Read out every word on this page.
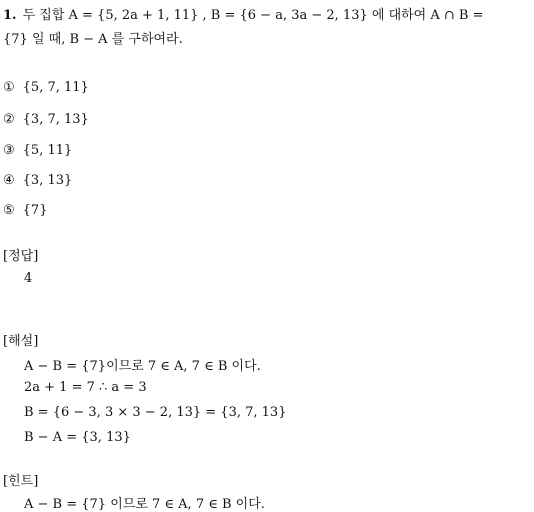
1. 두 집합 A = {5, 2a + 1, 11} , B = {6 − a, 3a − 2, 13} 에 대하여 A ∩ B =
{7} 일 때, B − A 를 구하여라.
① {5, 7, 11}
② {3, 7, 13}
③ {5, 11}
④ {3, 13}
⑤ {7}
[정답]
4
[해설]
A − B = {7}이므로 7 ∈ A, 7 ∈ B 이다.
2a + 1 = 7 ∴ a = 3
B = {6 − 3, 3 × 3 − 2, 13} = {3, 7, 13}
B − A = {3, 13}
[힌트]
A − B = {7} 이므로 7 ∈ A, 7 ∈ B 이다.
